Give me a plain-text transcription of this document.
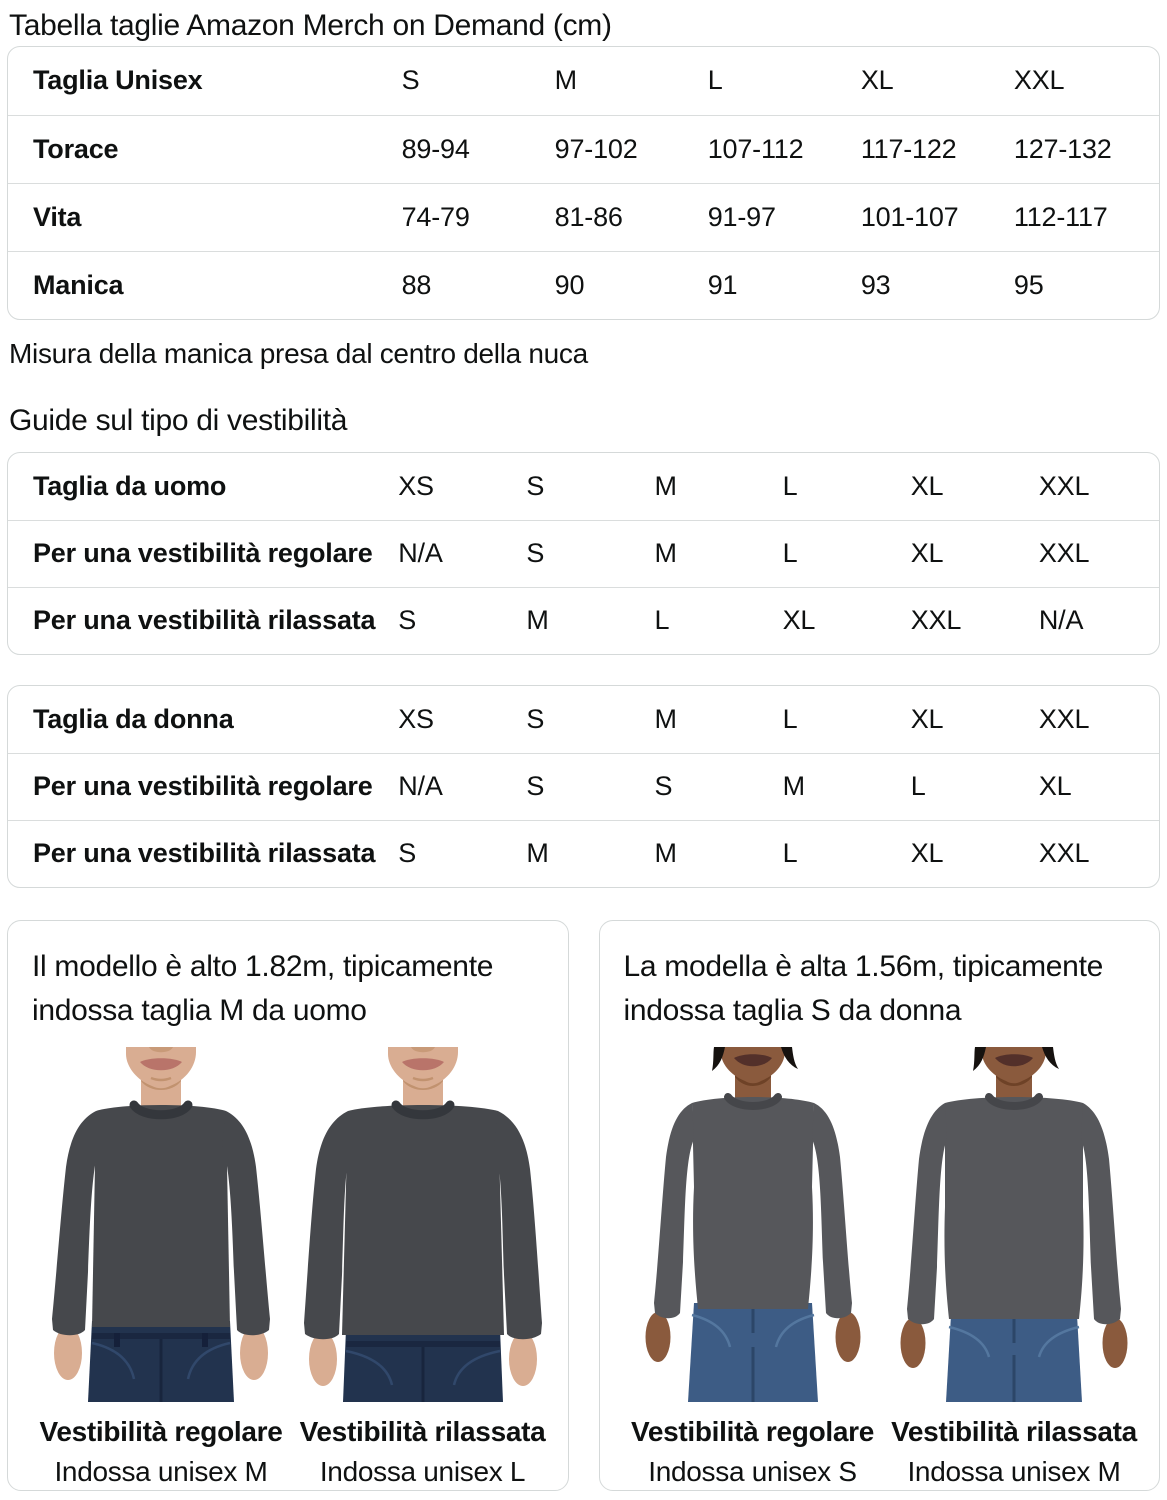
Tabella taglie Amazon Merch on Demand (cm)
Taglia Unisex	S	M	L	XL	XXL
Torace	89-94	97-102	107-112	117-122	127-132
Vita	74-79	81-86	91-97	101-107	112-117
Manica	88	90	91	93	95
Misura della manica presa dal centro della nuca
Guide sul tipo di vestibilità
Taglia da uomo	XS	S	M	L	XL	XXL
Per una vestibilità regolare	N/A	S	M	L	XL	XXL
Per una vestibilità rilassata	S	M	L	XL	XXL	N/A
Taglia da donna	XS	S	M	L	XL	XXL
Per una vestibilità regolare	N/A	S	S	M	L	XL
Per una vestibilità rilassata	S	M	M	L	XL	XXL
Il modello è alto 1.82m, tipicamente indossa taglia M da uomo
Vestibilità regolare
Indossa unisex M
Vestibilità rilassata
Indossa unisex L
La modella è alta 1.56m, tipicamente indossa taglia S da donna
Vestibilità regolare
Indossa unisex S
Vestibilità rilassata
Indossa unisex M
